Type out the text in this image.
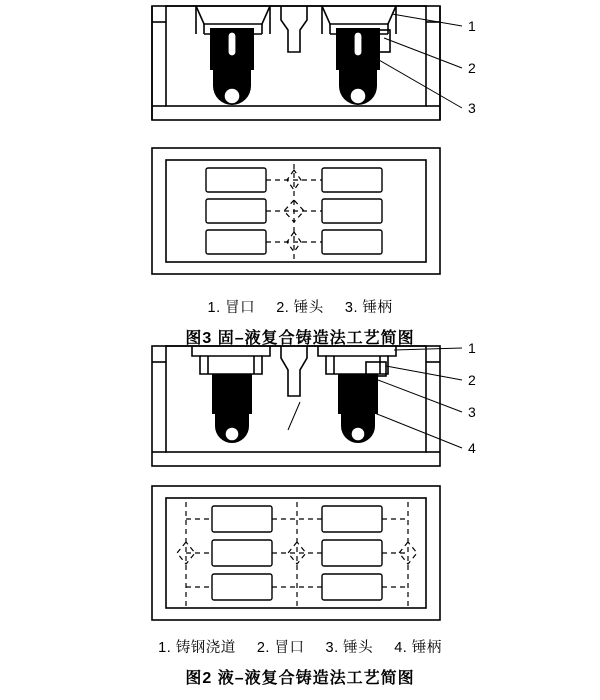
1
2
3
1. 冒口 2. 锤头 3. 锤柄
图3 固–液复合铸造法工艺简图
1
2
3
4
1. 铸钢浇道 2. 冒口 3. 锤头 4. 锤柄
图2 液–液复合铸造法工艺简图
